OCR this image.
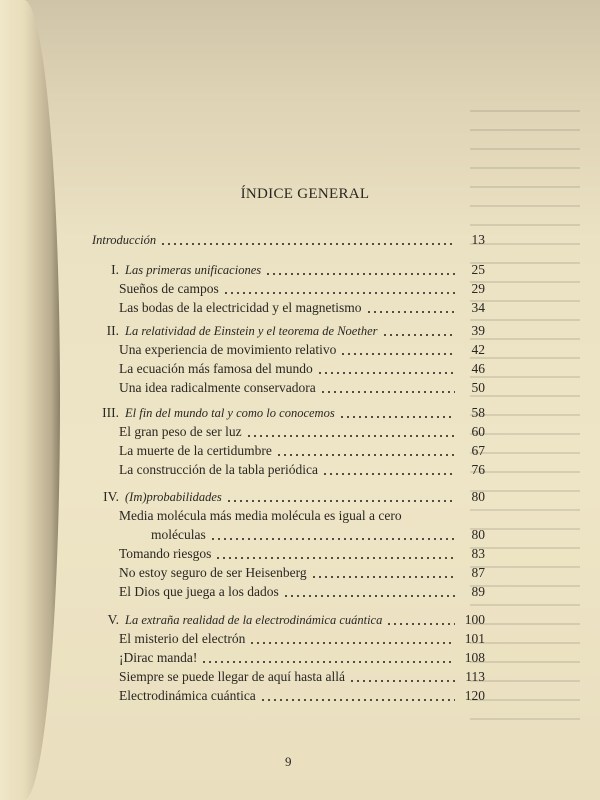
ÍNDICE GENERAL
Introducción	13
I. Las primeras unificaciones	25
Sueños de campos	29
Las bodas de la electricidad y el magnetismo	34
II. La relatividad de Einstein y el teorema de Noether	39
Una experiencia de movimiento relativo	42
La ecuación más famosa del mundo	46
Una idea radicalmente conservadora	50
III. El fin del mundo tal y como lo conocemos	58
El gran peso de ser luz	60
La muerte de la certidumbre	67
La construcción de la tabla periódica	76
IV. (Im)probabilidades	80
Media molécula más media molécula es igual a cero
moléculas	80
Tomando riesgos	83
No estoy seguro de ser Heisenberg	87
El Dios que juega a los dados	89
V. La extraña realidad de la electrodinámica cuántica	100
El misterio del electrón	101
¡Dirac manda!	108
Siempre se puede llegar de aquí hasta allá	113
Electrodinámica cuántica	120
9
